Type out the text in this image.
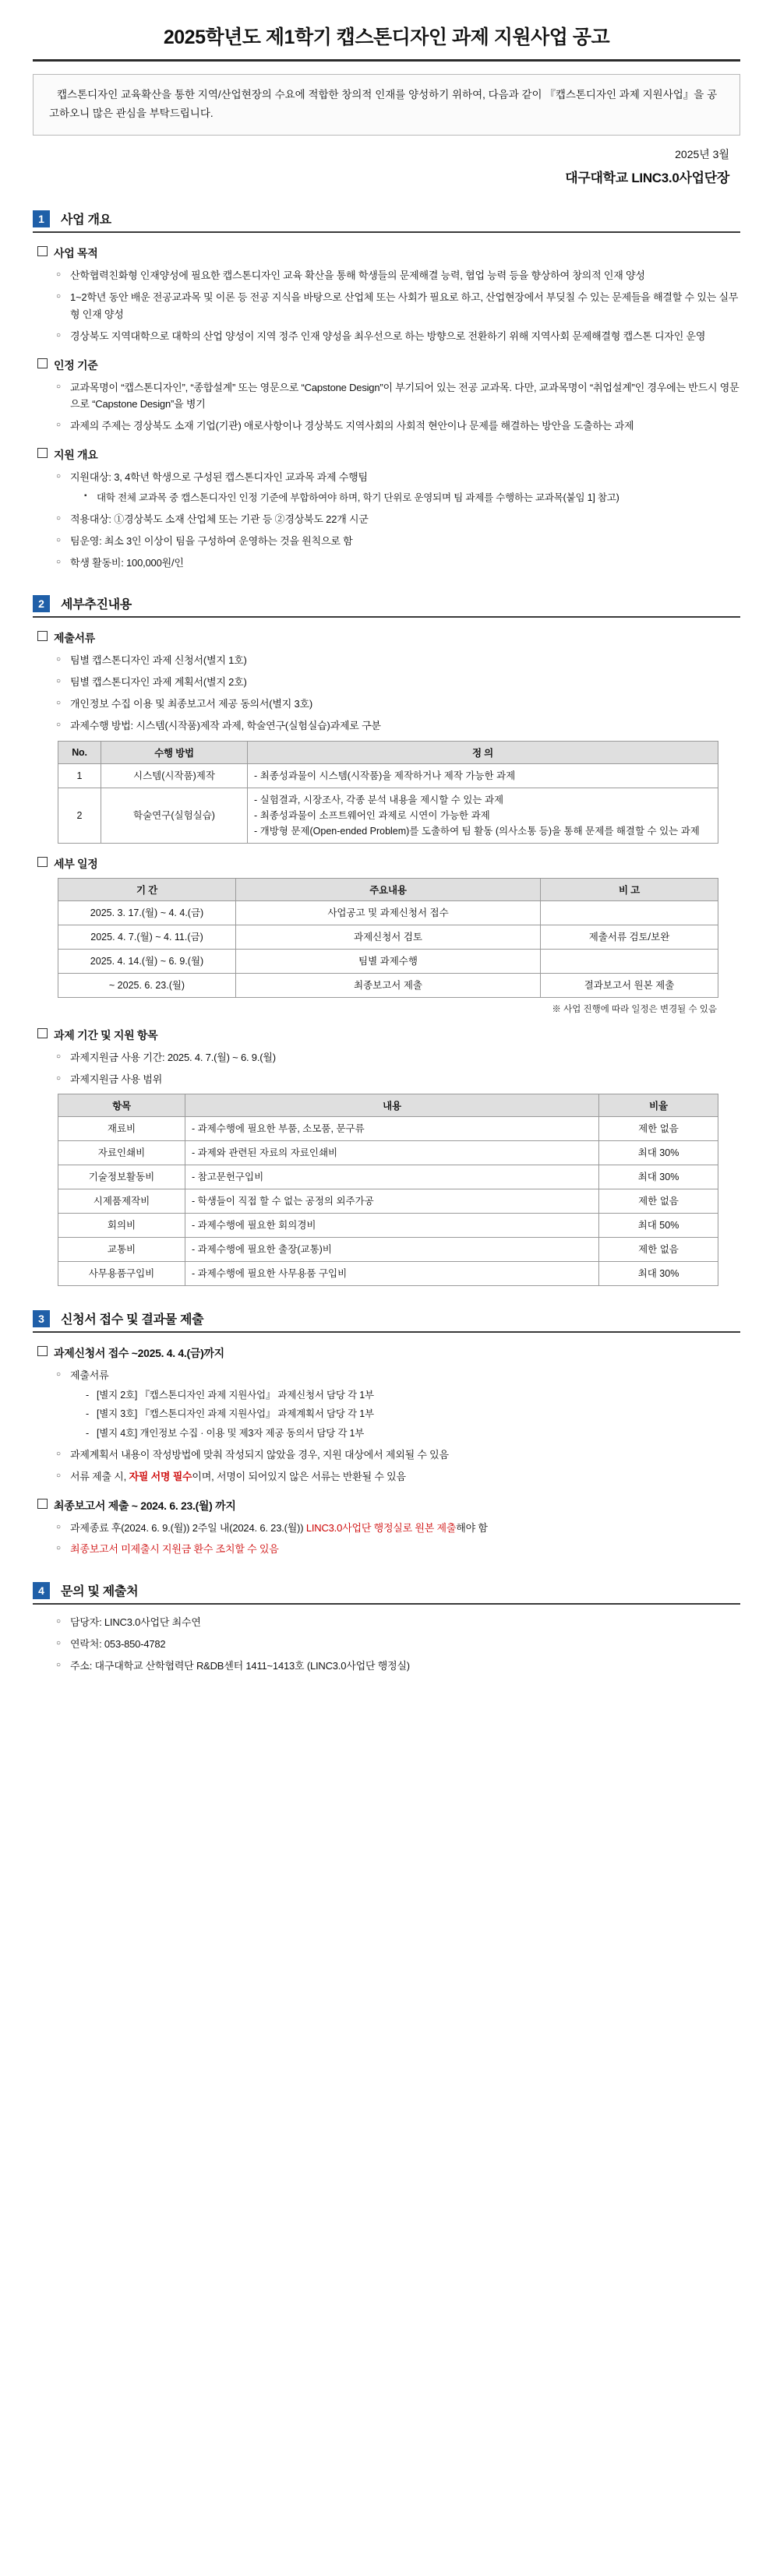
2025학년도 제1학기 캡스톤디자인 과제 지원사업 공고

캡스톤디자인 교육확산을 통한 지역/산업현장의 수요에 적합한 창의적 인재를 양성하기 위하여, 다음과 같이 『캡스톤디자인 과제 지원사업』을 공고하오니 많은 관심을 부탁드립니다.

2025년 3월
대구대학교 LINC3.0사업단장
1	사업 개요
사업 목적
○ 산학협력친화형 인재양성에 필요한 캡스톤디자인 교육 확산을 통해 학생들의 문제해결 능력, 협업 능력 등을 향상하여 창의적 인재 양성
○ 1~2학년 동안 배운 전공교과목 및 이론 등 전공 지식을 바탕으로 산업체 또는 사회가 필요로 하고, 산업현장에서 부딪칠 수 있는 문제들을 해결할 수 있는 실무형 인재 양성
○ 경상북도 지역대학으로 대학의 산업 양성이 지역 정주 인재 양성을 최우선으로 하는 방향으로 전환하기 위해 지역사회 문제해결형 캡스톤 디자인 운영
인정 기준
○ 교과목명이 “캡스톤디자인”, “종합설계” 또는 영문으로 “Capstone Design”이 부기되어 있는 전공 교과목. 다만, 교과목명이 “취업설계”인 경우에는 반드시 영문으로 “Capstone Design”을 병기
○ 과제의 주제는 경상북도 소재 기업(기관) 애로사항이나 경상북도 지역사회의 사회적 현안이나 문제를 해결하는 방안을 도출하는 과제
지원 개요
○ 지원대상: 3, 4학년 학생으로 구성된 캡스톤디자인 교과목 과제 수행팀
▪ 대학 전체 교과목 중 캡스톤디자인 인정 기준에 부합하여야 하며, 학기 단위로 운영되며 팀 과제를 수행하는 교과목(붙임 1] 참고)
○ 적용대상: ①경상북도 소재 산업체 또는 기관 등 ②경상북도 22개 시군
○ 팀운영: 최소 3인 이상이 팀을 구성하여 운영하는 것을 원칙으로 함
○ 학생 활동비: 100,000원/인
2	세부추진내용
제출서류
○ 팀별 캡스톤디자인 과제 신청서(별지 1호)
○ 팀별 캡스톤디자인 과제 계획서(별지 2호)
○ 개인정보 수집 이용 및 최종보고서 제공 동의서(별지 3호)
○ 과제수행 방법: 시스템(시작품)제작 과제, 학술연구(실험실습)과제로 구분
No.	수행 방법	정 의
1	시스템(시작품)제작	- 최종성과물이 시스템(시작품)을 제작하거나 제작 가능한 과제

2	학술연구(실험실습)	- 실험결과, 시장조사, 각종 분석 내용을 제시할 수 있는 과제
- 최종성과물이 소프트웨어인 과제로 시연이 가능한 과제
- 개방형 문제(Open-ended Problem)를 도출하여 팀 활동 (의사소통 등)을 통해 문제를 해결할 수 있는 과제
세부 일정
기 간	주요내용	비 고
2025. 3. 17.(월) ~ 4. 4.(금)	사업공고 및 과제신청서 접수	
2025. 4. 7.(월) ~ 4. 11.(금)	과제신청서 검토	제출서류 검토/보완
2025. 4. 14.(월) ~ 6. 9.(월)	팀별 과제수행	
~ 2025. 6. 23.(월)	최종보고서 제출	결과보고서 원본 제출
※ 사업 진행에 따라 일정은 변경될 수 있음
과제 기간 및 지원 항목
○ 과제지원금 사용 기간: 2025. 4. 7.(월) ~ 6. 9.(월)
○ 과제지원금 사용 범위
항목	내용	비율
재료비	- 과제수행에 필요한 부품, 소모품, 문구류	제한 없음
자료인쇄비	- 과제와 관련된 자료의 자료인쇄비	최대 30%
기술정보활동비	- 참고문헌구입비	최대 30%
시제품제작비	- 학생들이 직접 할 수 없는 공정의 외주가공	제한 없음
회의비	- 과제수행에 필요한 회의경비	최대 50%
교통비	- 과제수행에 필요한 출장(교통)비	제한 없음
사무용품구입비	- 과제수행에 필요한 사무용품 구입비	최대 30%
3	신청서 접수 및 결과물 제출
과제신청서 접수 ~2025. 4. 4.(금)까지
○ 제출서류
- [별지 2호] 『캡스톤디자인 과제 지원사업』 과제신청서 담당 각 1부
- [별지 3호] 『캡스톤디자인 과제 지원사업』 과제계획서 담당 각 1부
- [별지 4호] 개인정보 수집 · 이용 및 제3자 제공 동의서 담당 각 1부
○ 과제계획서 내용이 작성방법에 맞춰 작성되지 않았을 경우, 지원 대상에서 제외될 수 있음
○ 서류 제출 시, 자필 서명 필수이며, 서명이 되어있지 않은 서류는 반환될 수 있음
최종보고서 제출 ~ 2024. 6. 23.(월) 까지
○ 과제종료 후(2024. 6. 9.(월)) 2주일 내(2024. 6. 23.(월)) LINC3.0사업단 행정실로 원본 제출해야 함
○ 최종보고서 미제출시 지원금 환수 조치할 수 있음
4	문의 및 제출처
○ 담당자: LINC3.0사업단 최수연
○ 연락처: 053-850-4782
○ 주소: 대구대학교 산학협력단 R&DB센터 1411~1413호 (LINC3.0사업단 행정실)
